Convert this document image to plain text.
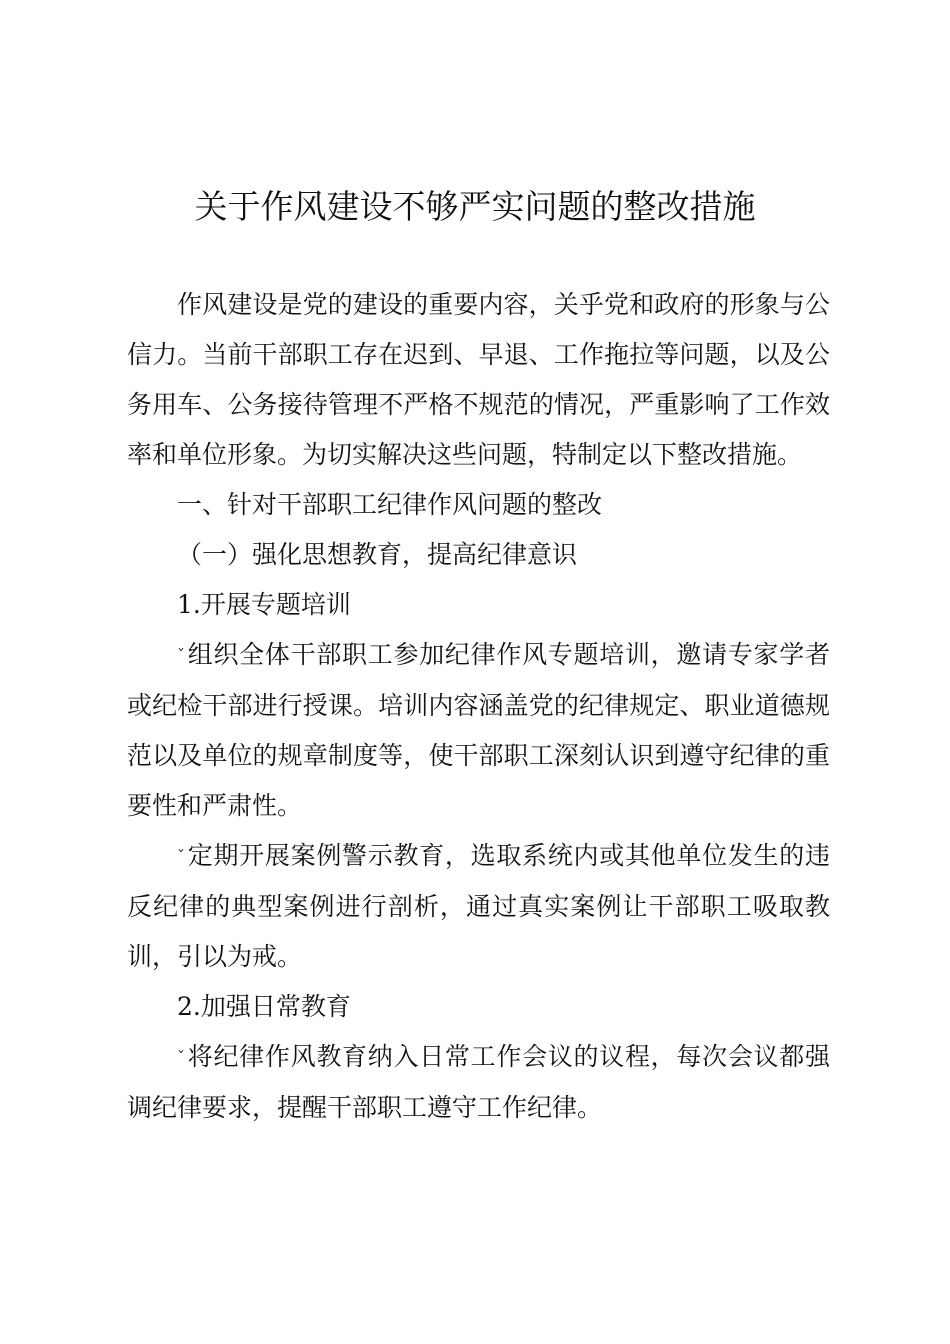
关于作风建设不够严实问题的整改措施

作风建设是党的建设的重要内容，关乎党和政府的形象与公信力。当前干部职工存在迟到、早退、工作拖拉等问题，以及公务用车、公务接待管理不严格不规范的情况，严重影响了工作效率和单位形象。为切实解决这些问题，特制定以下整改措施。

一、针对干部职工纪律作风问题的整改

（一）强化思想教育，提高纪律意识

1.开展专题培训

ˇ组织全体干部职工参加纪律作风专题培训，邀请专家学者或纪检干部进行授课。培训内容涵盖党的纪律规定、职业道德规范以及单位的规章制度等，使干部职工深刻认识到遵守纪律的重要性和严肃性。

ˇ定期开展案例警示教育，选取系统内或其他单位发生的违反纪律的典型案例进行剖析，通过真实案例让干部职工吸取教训，引以为戒。

2.加强日常教育

ˇ将纪律作风教育纳入日常工作会议的议程，每次会议都强调纪律要求，提醒干部职工遵守工作纪律。
